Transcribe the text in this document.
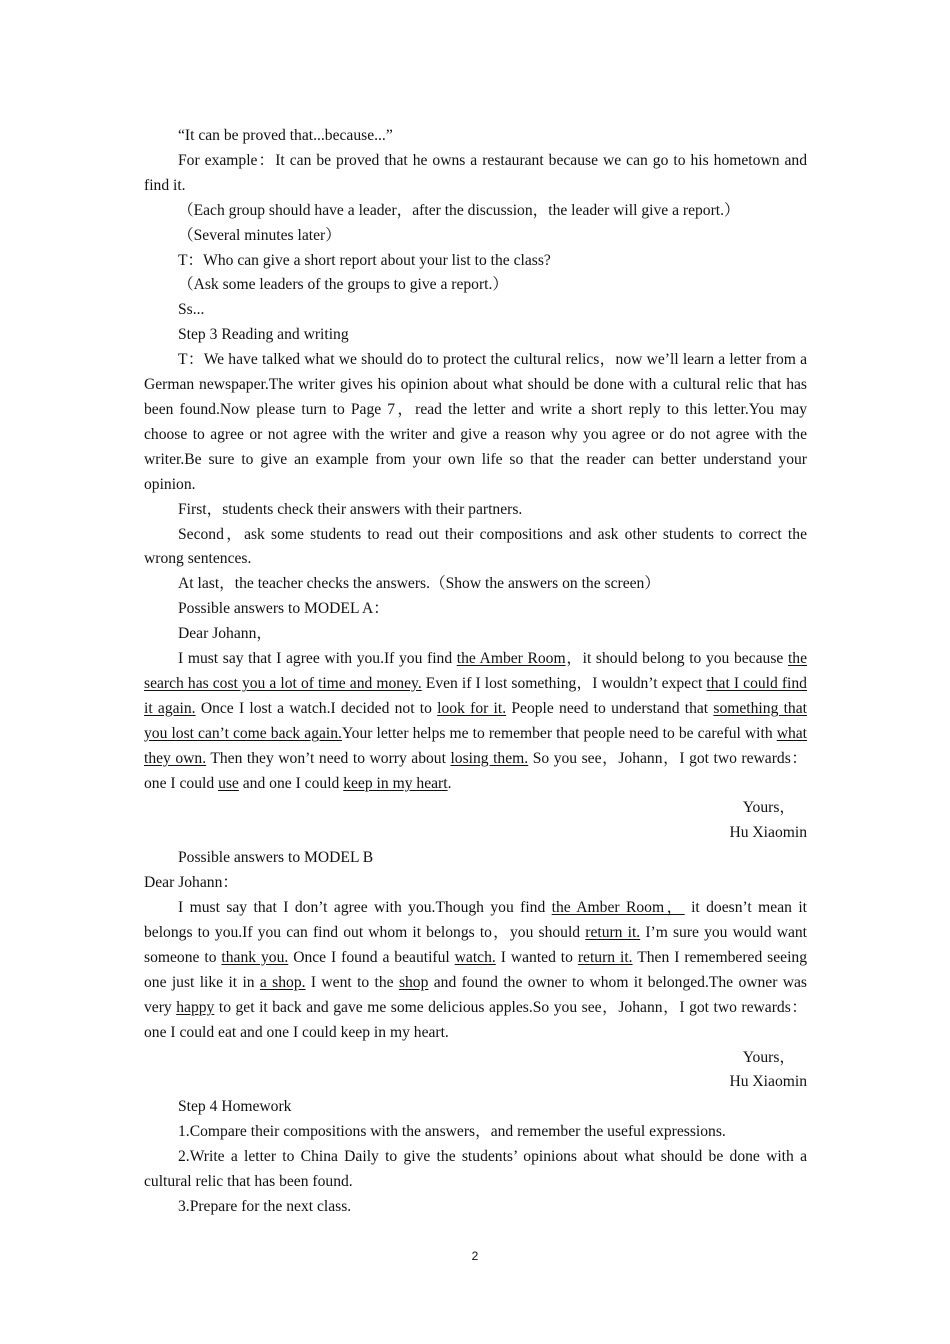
“It can be proved that...because...”

For example：It can be proved that he owns a restaurant because we can go to his hometown and find it.

（Each group should have a leader，after the discussion，the leader will give a report.）

（Several minutes later）

T：Who can give a short report about your list to the class?

（Ask some leaders of the groups to give a report.）

Ss...

Step 3 Reading and writing

T：We have talked what we should do to protect the cultural relics，now we’ll learn a letter from a German newspaper.The writer gives his opinion about what should be done with a cultural relic that has been found.Now please turn to Page 7，read the letter and write a short reply to this letter.You may choose to agree or not agree with the writer and give a reason why you agree or do not agree with the writer.Be sure to give an example from your own life so that the reader can better understand your opinion.

First，students check their answers with their partners.

Second，ask some students to read out their compositions and ask other students to correct the wrong sentences.

At last，the teacher checks the answers.（Show the answers on the screen）

Possible answers to MODEL A：

Dear Johann，

I must say that I agree with you.If you find the Amber Room，it should belong to you because the search has cost you a lot of time and money. Even if I lost something，I wouldn’t expect that I could find it again. Once I lost a watch.I decided not to look for it. People need to understand that something that you lost can’t come back again.Your letter helps me to remember that people need to be careful with what they own. Then they won’t need to worry about losing them. So you see，Johann，I got two rewards：one I could use and one I could keep in my heart.

Yours，

Hu Xiaomin

Possible answers to MODEL B

Dear Johann：

I must say that I don’t agree with you.Though you find the Amber Room， it doesn’t mean it belongs to you.If you can find out whom it belongs to，you should return it. I’m sure you would want someone to thank you. Once I found a beautiful watch. I wanted to return it. Then I remembered seeing one just like it in a shop. I went to the shop and found the owner to whom it belonged.The owner was very happy to get it back and gave me some delicious apples.So you see，Johann，I got two rewards：one I could eat and one I could keep in my heart.

Yours，

Hu Xiaomin

Step 4 Homework

1.Compare their compositions with the answers，and remember the useful expressions.

2.Write a letter to China Daily to give the students’ opinions about what should be done with a cultural relic that has been found.

3.Prepare for the next class.

2
